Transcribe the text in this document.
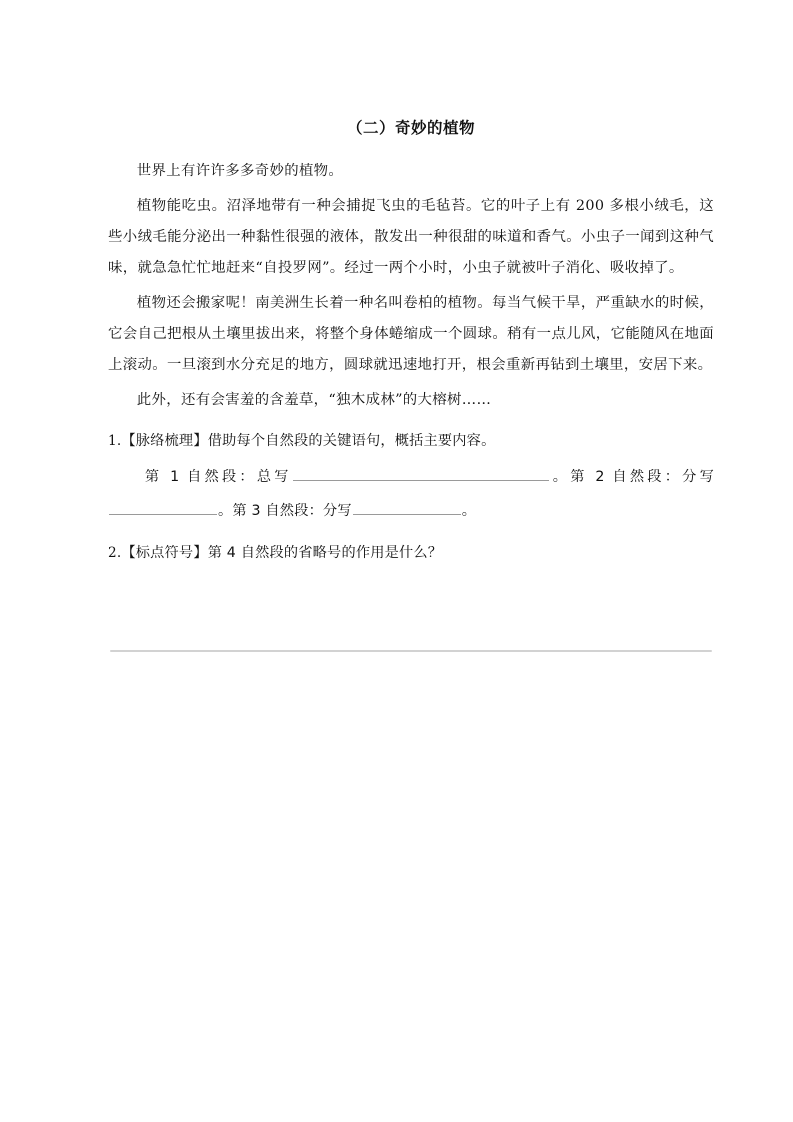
（二）奇妙的植物

世界上有许许多多奇妙的植物。

植物能吃虫。沼泽地带有一种会捕捉飞虫的毛毡苔。它的叶子上有 200 多根小绒毛，这些小绒毛能分泌出一种黏性很强的液体，散发出一种很甜的味道和香气。小虫子一闻到这种气味，就急急忙忙地赶来“自投罗网”。经过一两个小时，小虫子就被叶子消化、吸收掉了。

植物还会搬家呢！南美洲生长着一种名叫卷柏的植物。每当气候干旱，严重缺水的时候，它会自己把根从土壤里拔出来，将整个身体蜷缩成一个圆球。稍有一点儿风，它能随风在地面上滚动。一旦滚到水分充足的地方，圆球就迅速地打开，根会重新再钻到土壤里，安居下来。

此外，还有会害羞的含羞草，“独木成林”的大榕树……

1.【脉络梳理】借助每个自然段的关键语句，概括主要内容。

第 1 自然段：总写	。第 2 自然段：分写。第 3 自然段：分写	。

2.【标点符号】第 4 自然段的省略号的作用是什么？
